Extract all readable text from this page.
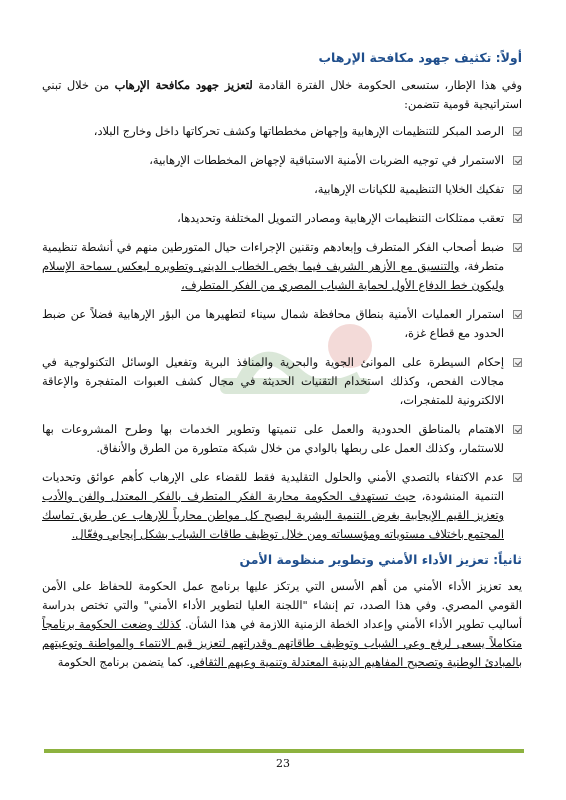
أولاً: تكثيف جهود مكافحة الإرهاب

وفي هذا الإطار، ستسعى الحكومة خلال الفترة القادمة لتعزيز جهود مكافحة الإرهاب من خلال تبني استراتيجية قومية تتضمن:

الرصد المبكر للتنظيمات الإرهابية وإجهاض مخططاتها وكشف تحركاتها داخل وخارج البلاد،
الاستمرار في توجيه الضربات الأمنية الاستباقية لإجهاض المخططات الإرهابية،
تفكيك الخلايا التنظيمية للكيانات الإرهابية،
تعقب ممتلكات التنظيمات الإرهابية ومصادر التمويل المختلفة وتحديدها،
ضبط أصحاب الفكر المتطرف وإبعادهم وتقنين الإجراءات حيال المتورطين منهم في أنشطة تنظيمية متطرفة، والتنسيق مع الأزهر الشريف فيما يخص الخطاب الديني وتطويره ليعكس سماحة الإسلام وليكون خط الدفاع الأول لحماية الشباب المصري من الفكر المتطرف،
استمرار العمليات الأمنية بنطاق محافظة شمال سيناء لتطهيرها من البؤر الإرهابية فضلاً عن ضبط الحدود مع قطاع غزة،
إحكام السيطرة على الموانئ الجوية والبحرية والمنافذ البرية وتفعيل الوسائل التكنولوجية في مجالات الفحص، وكذلك استخدام التقنيات الحديثة في مجال كشف العبوات المتفجرة والإعاقة الالكترونية للمتفجرات،
الاهتمام بالمناطق الحدودية والعمل على تنميتها وتطوير الخدمات بها وطرح المشروعات بها للاستثمار، وكذلك العمل على ربطها بالوادي من خلال شبكة متطورة من الطرق والأنفاق.
عدم الاكتفاء بالتصدي الأمني والحلول التقليدية فقط للقضاء على الإرهاب كأهم عوائق وتحديات التنمية المنشودة، حيث تستهدف الحكومة محاربة الفكر المتطرف بالفكر المعتدل والفن والأدب وتعزيز القيم الإيجابية بغرض التنمية البشرية ليصبح كل مواطن محارباً للإرهاب عن طريق تماسك المجتمع باختلاف مستوياته ومؤسساته ومن خلال توظيف طاقات الشباب بشكل إيجابي وفعّال.
ثانياً: تعزيز الأداء الأمني وتطوير منظومة الأمن

يعد تعزيز الأداء الأمني من أهم الأسس التي يرتكز عليها برنامج عمل الحكومة للحفاظ على الأمن القومي المصري. وفي هذا الصدد، تم إنشاء "اللجنة العليا لتطوير الأداء الأمني" والتي تختص بدراسة أساليب تطوير الأداء الأمني وإعداد الخطة الزمنية اللازمة في هذا الشأن. كذلك وضعت الحكومة برنامجاً متكاملاً يسعى لرفع وعي الشباب وتوظيف طاقاتهم وقدراتهم لتعزيز قيم الانتماء والمواطنة وتوعيتهم بالمبادئ الوطنية وتصحيح المفاهيم الدينية المعتدلة وتنمية وعيهم الثقافي. كما يتضمن برنامج الحكومة

23
